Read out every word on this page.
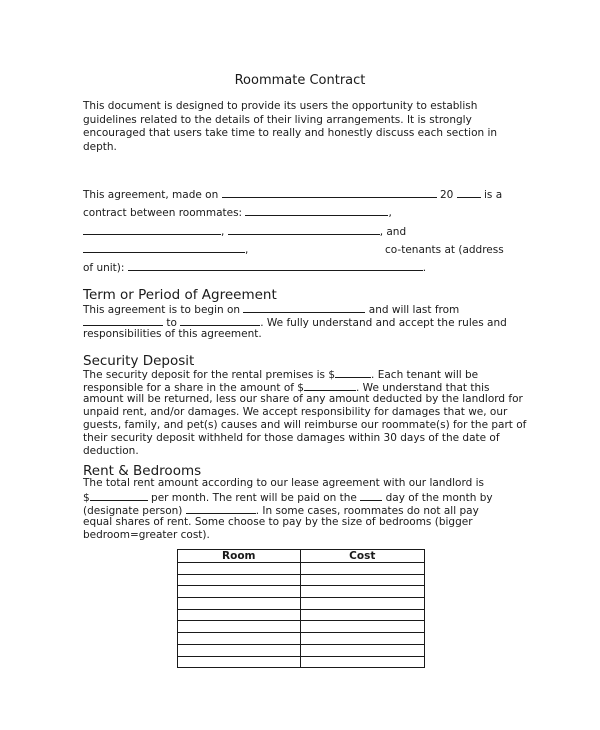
Roommate Contract
This document is designed to provide its users the opportunity to establish
guidelines related to the details of their living arrangements. It is strongly
encouraged that users take time to really and honestly discuss each section in
depth.
This agreement, made on	20	is a
contract between roommates:	,
,	, and
,	co-tenants at (address
of unit):	.
Term or Period of Agreement
This agreement is to begin on	and will last from
to	. We fully understand and accept the rules and
responsibilities of this agreement.
Security Deposit
The security deposit for the rental premises is $	. Each tenant will be
responsible for a share in the amount of $	. We understand that this
amount will be returned, less our share of any amount deducted by the landlord for
unpaid rent, and/or damages. We accept responsibility for damages that we, our
guests, family, and pet(s) causes and will reimburse our roommate(s) for the part of
their security deposit withheld for those damages within 30 days of the date of
deduction.
Rent & Bedrooms
The total rent amount according to our lease agreement with our landlord is
$	per month. The rent will be paid on the	day of the month by
(designate person)	. In some cases, roommates do not all pay
equal shares of rent. Some choose to pay by the size of bedrooms (bigger
bedroom=greater cost).
Room	Cost
